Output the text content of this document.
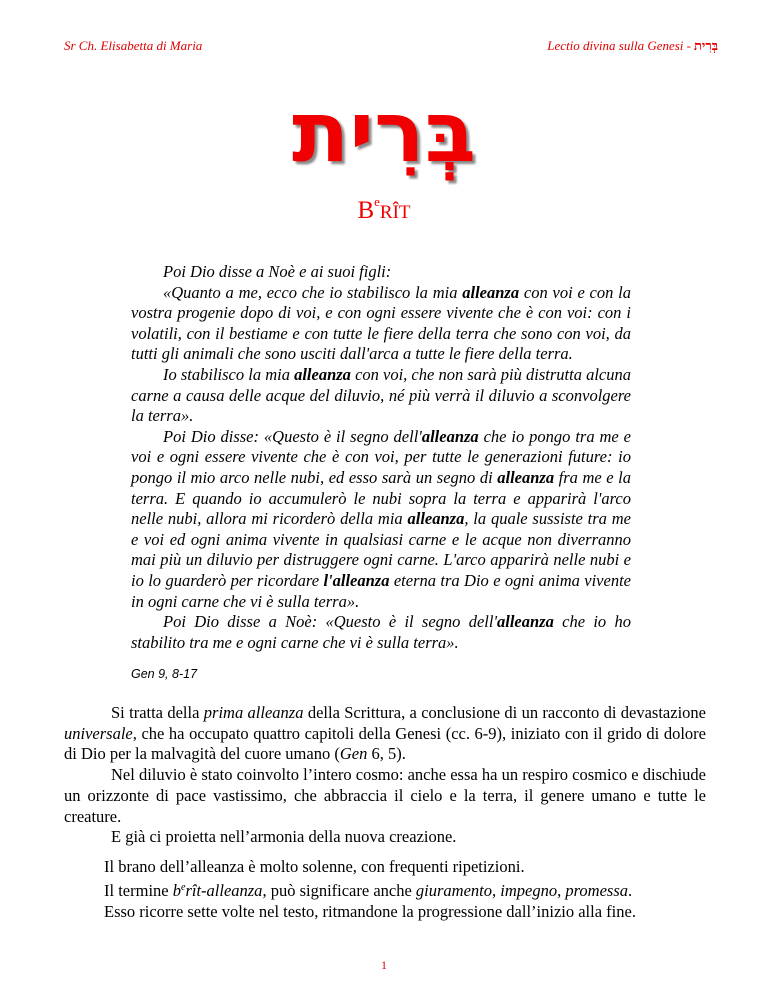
Sr Ch. Elisabetta di Maria	Lectio divina sulla Genesi - בְּרִית
בְּרִית
$B^eRÎT$

Poi Dio disse a Noè e ai suoi figli:

«Quanto a me, ecco che io stabilisco la mia alleanza con voi e con la vostra progenie dopo di voi, e con ogni essere vivente che è con voi: con i volatili, con il bestiame e con tutte le fiere della terra che sono con voi, da tutti gli animali che sono usciti dall'arca a tutte le fiere della terra.

Io stabilisco la mia alleanza con voi, che non sarà più distrutta alcuna carne a causa delle acque del diluvio, né più verrà il diluvio a sconvolgere la terra».

Poi Dio disse: «Questo è il segno dell'alleanza che io pongo tra me e voi e ogni essere vivente che è con voi, per tutte le generazioni future: io pongo il mio arco nelle nubi, ed esso sarà un segno di alleanza fra me e la terra. E quando io accumulerò le nubi sopra la terra e apparirà l'arco nelle nubi, allora mi ricorderò della mia alleanza, la quale sussiste tra me e voi ed ogni anima vivente in qualsiasi carne e le acque non diverranno mai più un diluvio per distruggere ogni carne. L'arco apparirà nelle nubi e io lo guarderò per ricordare l'alleanza eterna tra Dio e ogni anima vivente in ogni carne che vi è sulla terra».

Poi Dio disse a Noè: «Questo è il segno dell'alleanza che io ho stabilito tra me e ogni carne che vi è sulla terra».

Gen 9, 8-17

Si tratta della prima alleanza della Scrittura, a conclusione di un racconto di devastazione universale, che ha occupato quattro capitoli della Genesi (cc. 6-9), iniziato con il grido di dolore di Dio per la malvagità del cuore umano (Gen 6, 5).

Nel diluvio è stato coinvolto l’intero cosmo: anche essa ha un respiro cosmico e dischiude un orizzonte di pace vastissimo, che abbraccia il cielo e la terra, il genere umano e tutte le creature.

E già ci proietta nell’armonia della nuova creazione.

Il brano dell’alleanza è molto solenne, con frequenti ripetizioni.

Il termine $b^erît$-alleanza, può significare anche giuramento, impegno, promessa.

Esso ricorre sette volte nel testo, ritmandone la progressione dall’inizio alla fine.

1
